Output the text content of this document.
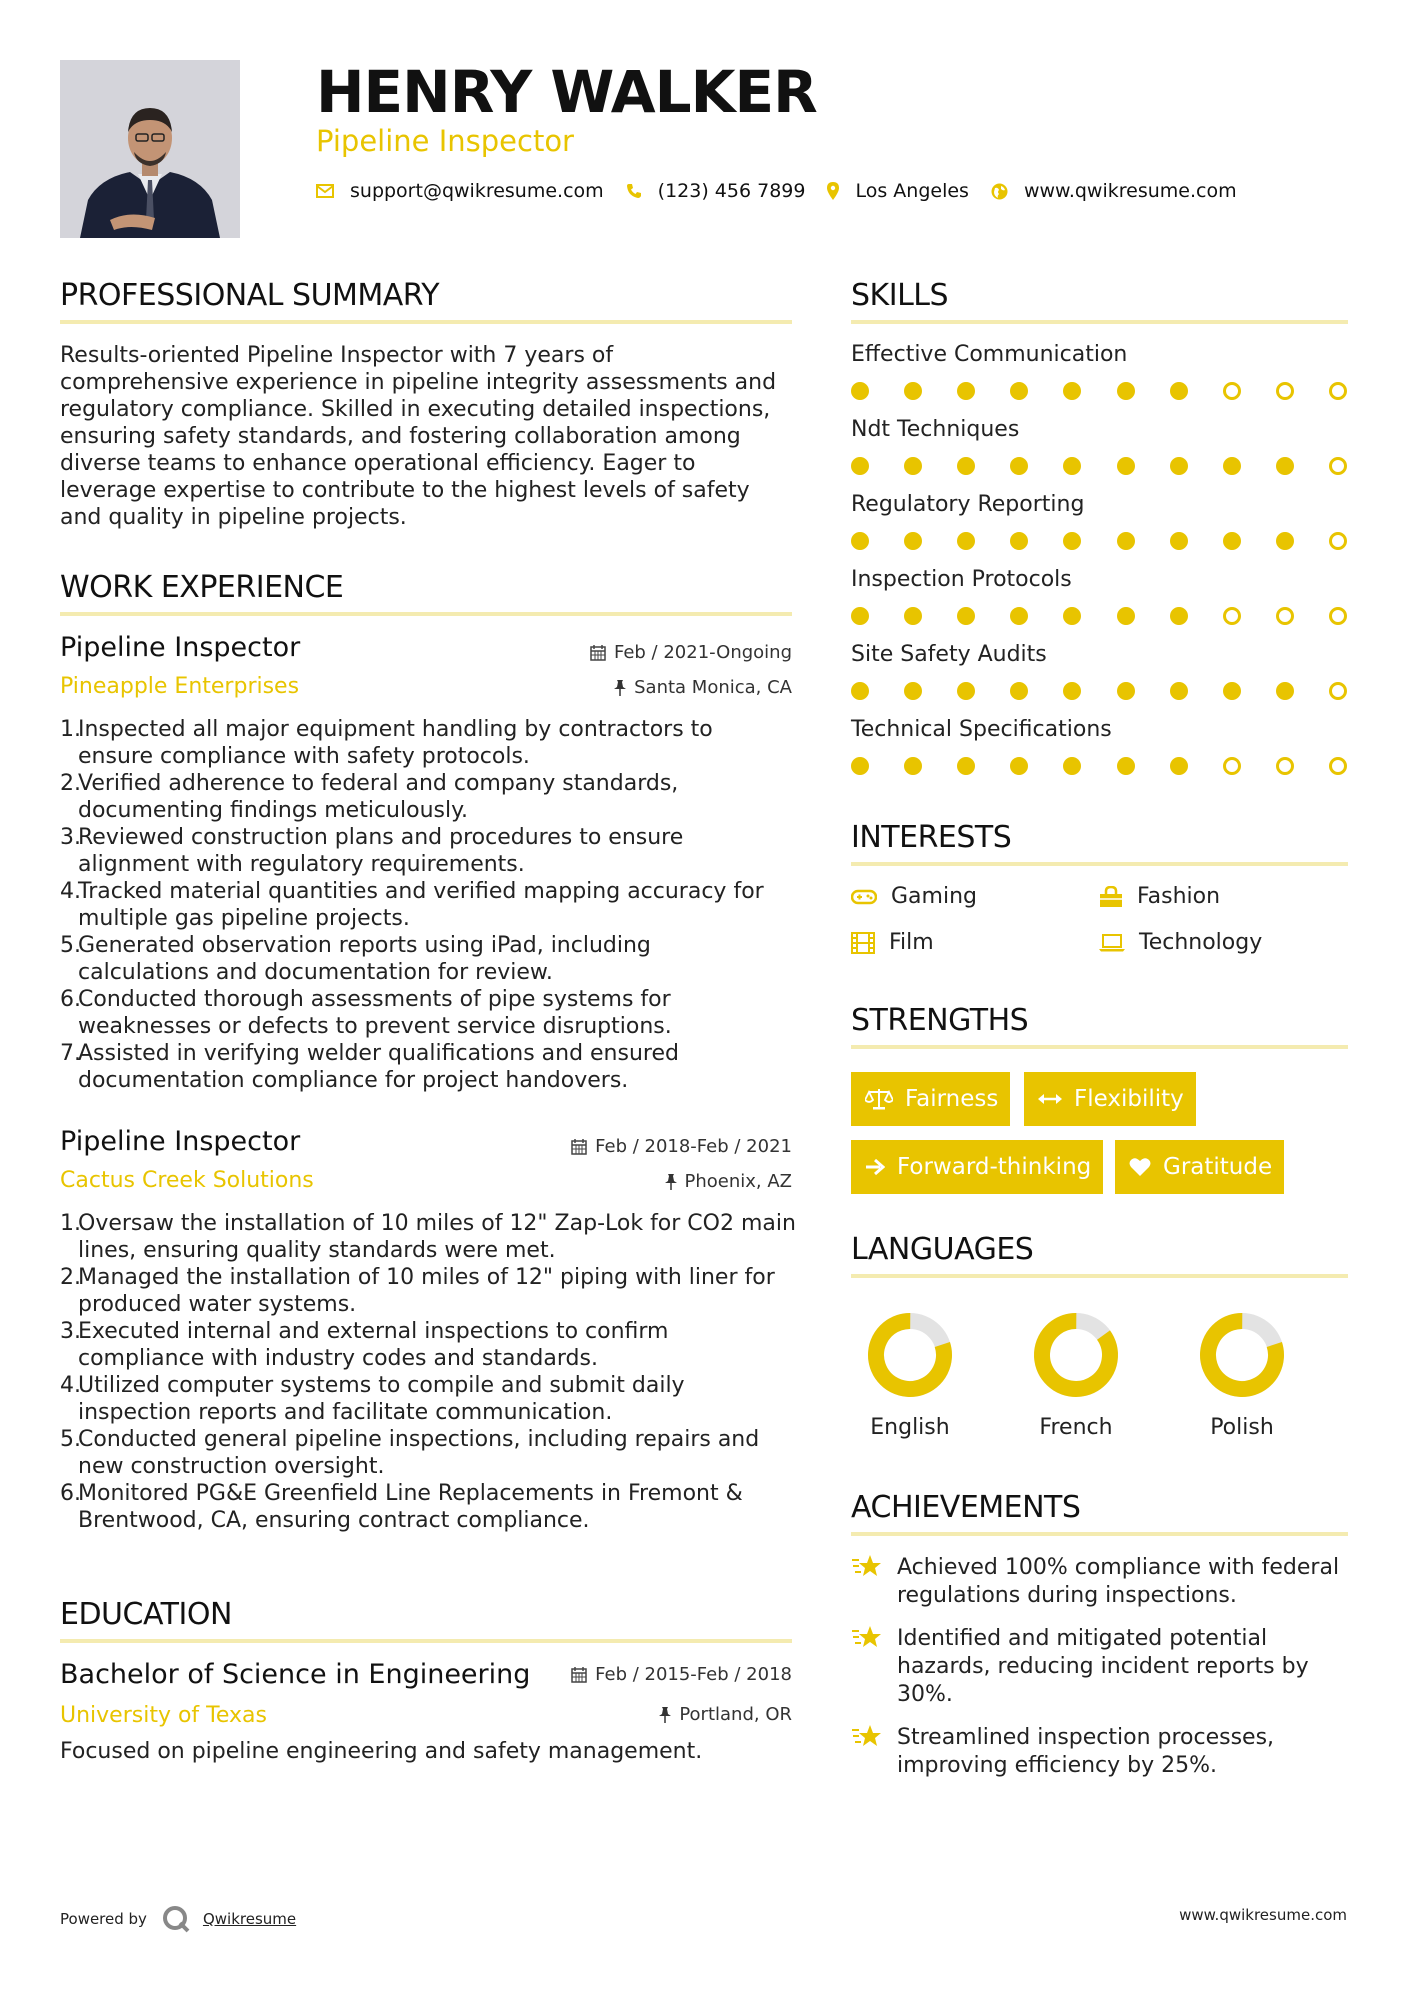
HENRY WALKER
Pipeline Inspector
support@qwikresume.com	(123) 456 7899	Los Angeles	www.qwikresume.com
PROFESSIONAL SUMMARY
Results-oriented Pipeline Inspector with 7 years of
comprehensive experience in pipeline integrity assessments and
regulatory compliance. Skilled in executing detailed inspections,
ensuring safety standards, and fostering collaboration among
diverse teams to enhance operational efficiency. Eager to
leverage expertise to contribute to the highest levels of safety
and quality in pipeline projects.
WORK EXPERIENCE
Pipeline Inspector	Feb / 2021-Ongoing
Pineapple Enterprises	Santa Monica, CA
1.
Inspected all major equipment handling by contractors to
ensure compliance with safety protocols.
2.
Verified adherence to federal and company standards,
documenting findings meticulously.
3.
Reviewed construction plans and procedures to ensure
alignment with regulatory requirements.
4.
Tracked material quantities and verified mapping accuracy for
multiple gas pipeline projects.
5.
Generated observation reports using iPad, including
calculations and documentation for review.
6.
Conducted thorough assessments of pipe systems for
weaknesses or defects to prevent service disruptions.
7.
Assisted in verifying welder qualifications and ensured
documentation compliance for project handovers.
Pipeline Inspector	Feb / 2018-Feb / 2021
Cactus Creek Solutions	Phoenix, AZ
1.
Oversaw the installation of 10 miles of 12" Zap-Lok for CO2 main
lines, ensuring quality standards were met.
2.
Managed the installation of 10 miles of 12" piping with liner for
produced water systems.
3.
Executed internal and external inspections to confirm
compliance with industry codes and standards.
4.
Utilized computer systems to compile and submit daily
inspection reports and facilitate communication.
5.
Conducted general pipeline inspections, including repairs and
new construction oversight.
6.
Monitored PG&E Greenfield Line Replacements in Fremont &
Brentwood, CA, ensuring contract compliance.
EDUCATION
Bachelor of Science in Engineering	Feb / 2015-Feb / 2018
University of Texas	Portland, OR
Focused on pipeline engineering and safety management.
SKILLS
Effective Communication
Ndt Techniques
Regulatory Reporting
Inspection Protocols
Site Safety Audits
Technical Specifications
INTERESTS
Gaming	Fashion
Film	Technology
STRENGTHS
Fairness	Flexibility
Forward-thinking	Gratitude
LANGUAGES
English	French	Polish
ACHIEVEMENTS
Achieved 100% compliance with federal
regulations during inspections.
Identified and mitigated potential
hazards, reducing incident reports by
30%.
Streamlined inspection processes,
improving efficiency by 25%.
Powered by	Qwikresume	www.qwikresume.com
